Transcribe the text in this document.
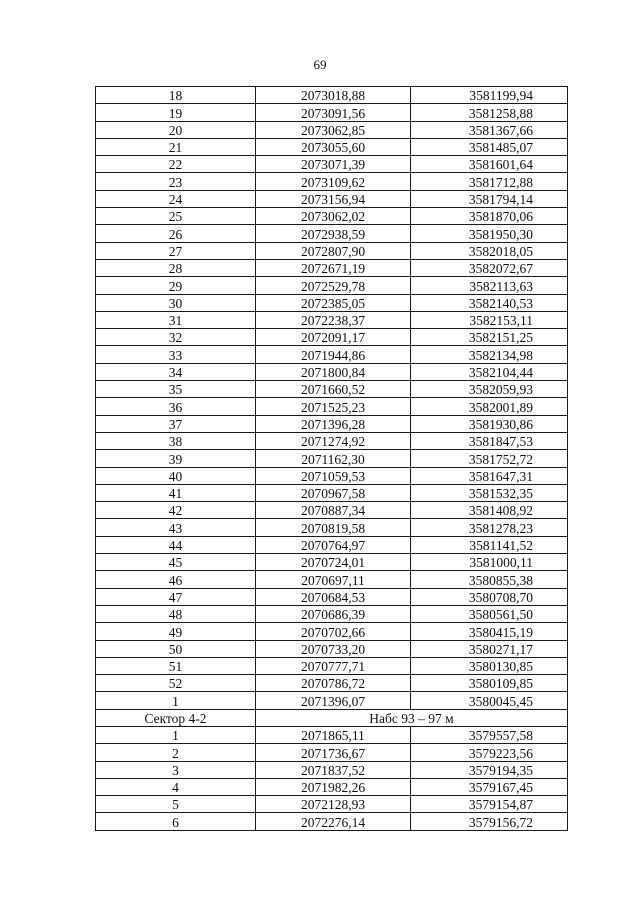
69
18	2073018,88	3581199,94
19	2073091,56	3581258,88
20	2073062,85	3581367,66
21	2073055,60	3581485,07
22	2073071,39	3581601,64
23	2073109,62	3581712,88
24	2073156,94	3581794,14
25	2073062,02	3581870,06
26	2072938,59	3581950,30
27	2072807,90	3582018,05
28	2072671,19	3582072,67
29	2072529,78	3582113,63
30	2072385,05	3582140,53
31	2072238,37	3582153,11
32	2072091,17	3582151,25
33	2071944,86	3582134,98
34	2071800,84	3582104,44
35	2071660,52	3582059,93
36	2071525,23	3582001,89
37	2071396,28	3581930,86
38	2071274,92	3581847,53
39	2071162,30	3581752,72
40	2071059,53	3581647,31
41	2070967,58	3581532,35
42	2070887,34	3581408,92
43	2070819,58	3581278,23
44	2070764,97	3581141,52
45	2070724,01	3581000,11
46	2070697,11	3580855,38
47	2070684,53	3580708,70
48	2070686,39	3580561,50
49	2070702,66	3580415,19
50	2070733,20	3580271,17
51	2070777,71	3580130,85
52	2070786,72	3580109,85
1	2071396,07	3580045,45
Сектор 4-2	Набс 93 – 97 м	
1	2071865,11	3579557,58
2	2071736,67	3579223,56
3	2071837,52	3579194,35
4	2071982,26	3579167,45
5	2072128,93	3579154,87
6	2072276,14	3579156,72
